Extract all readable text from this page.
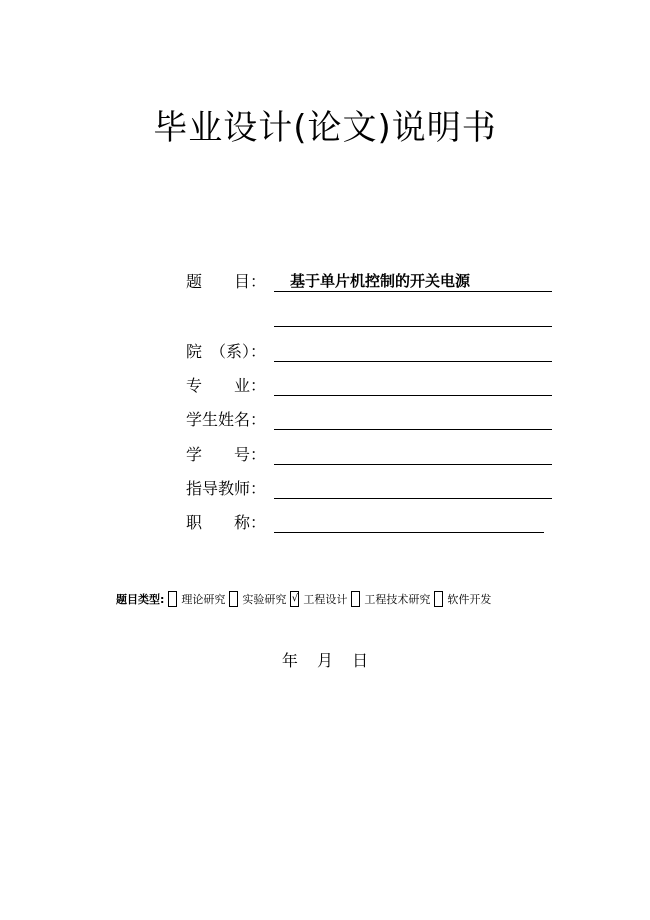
毕业设计(论文)说明书
题　　目：	基于单片机控制的开关电源
院　（系）：
专　　业：
学生姓名：
学　　号：
指导教师：
职　　称：
题目类型: 理论研究 实验研究 √ 工程设计 工程技术研究 软件开发
年 月 日
